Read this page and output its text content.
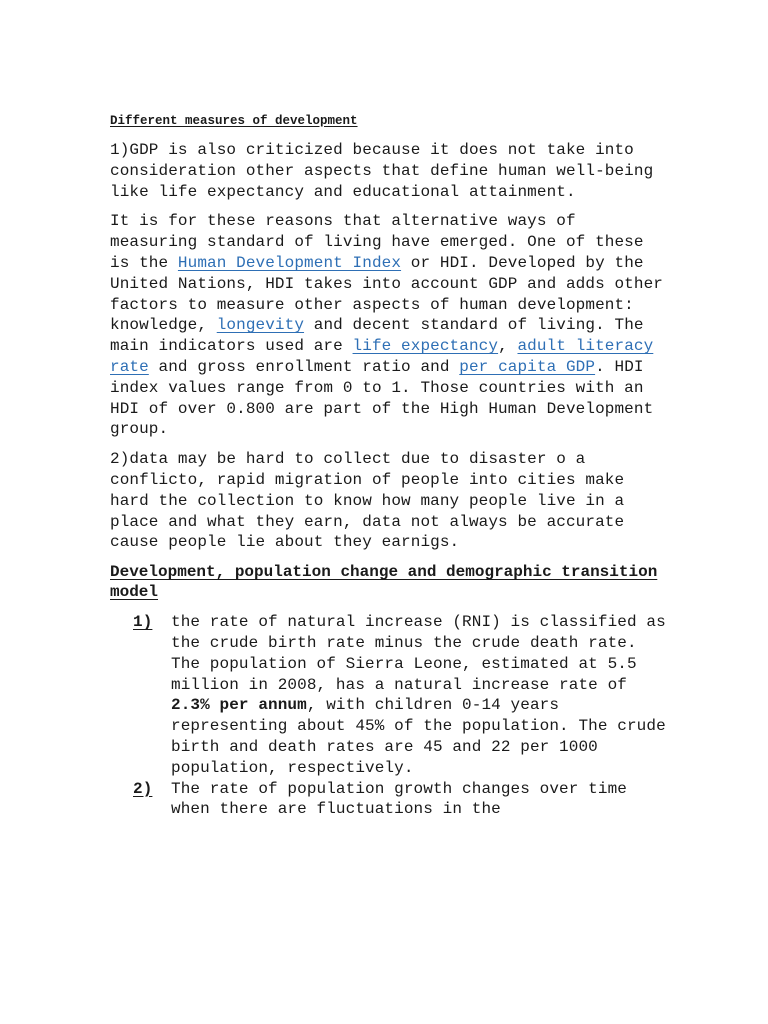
Different measures of development

1)GDP is also criticized because it does not take into consideration other aspects that define human well-being like life expectancy and educational attainment.

It is for these reasons that alternative ways of measuring standard of living have emerged. One of these is the Human Development Index or HDI. Developed by the United Nations, HDI takes into account GDP and adds other factors to measure other aspects of human development: knowledge, longevity and decent standard of living. The main indicators used are life expectancy, adult literacy rate and gross enrollment ratio and per capita GDP. HDI index values range from 0 to 1. Those countries with an HDI of over 0.800 are part of the High Human Development group.

2)data may be hard to collect due to disaster o a conflicto, rapid migration of people into cities make hard the collection to know how many people live in a place and what they earn, data not always be accurate cause people lie about they earnigs.

Development, population change and demographic transition model
1) the rate of natural increase (RNI) is classified as the crude birth rate minus the crude death rate. The population of Sierra Leone, estimated at 5.5 million in 2008, has a natural increase rate of 2.3% per annum, with children 0-14 years representing about 45% of the population. The crude birth and death rates are 45 and 22 per 1000 population, respectively.
2) The rate of population growth changes over time when there are fluctuations in the
